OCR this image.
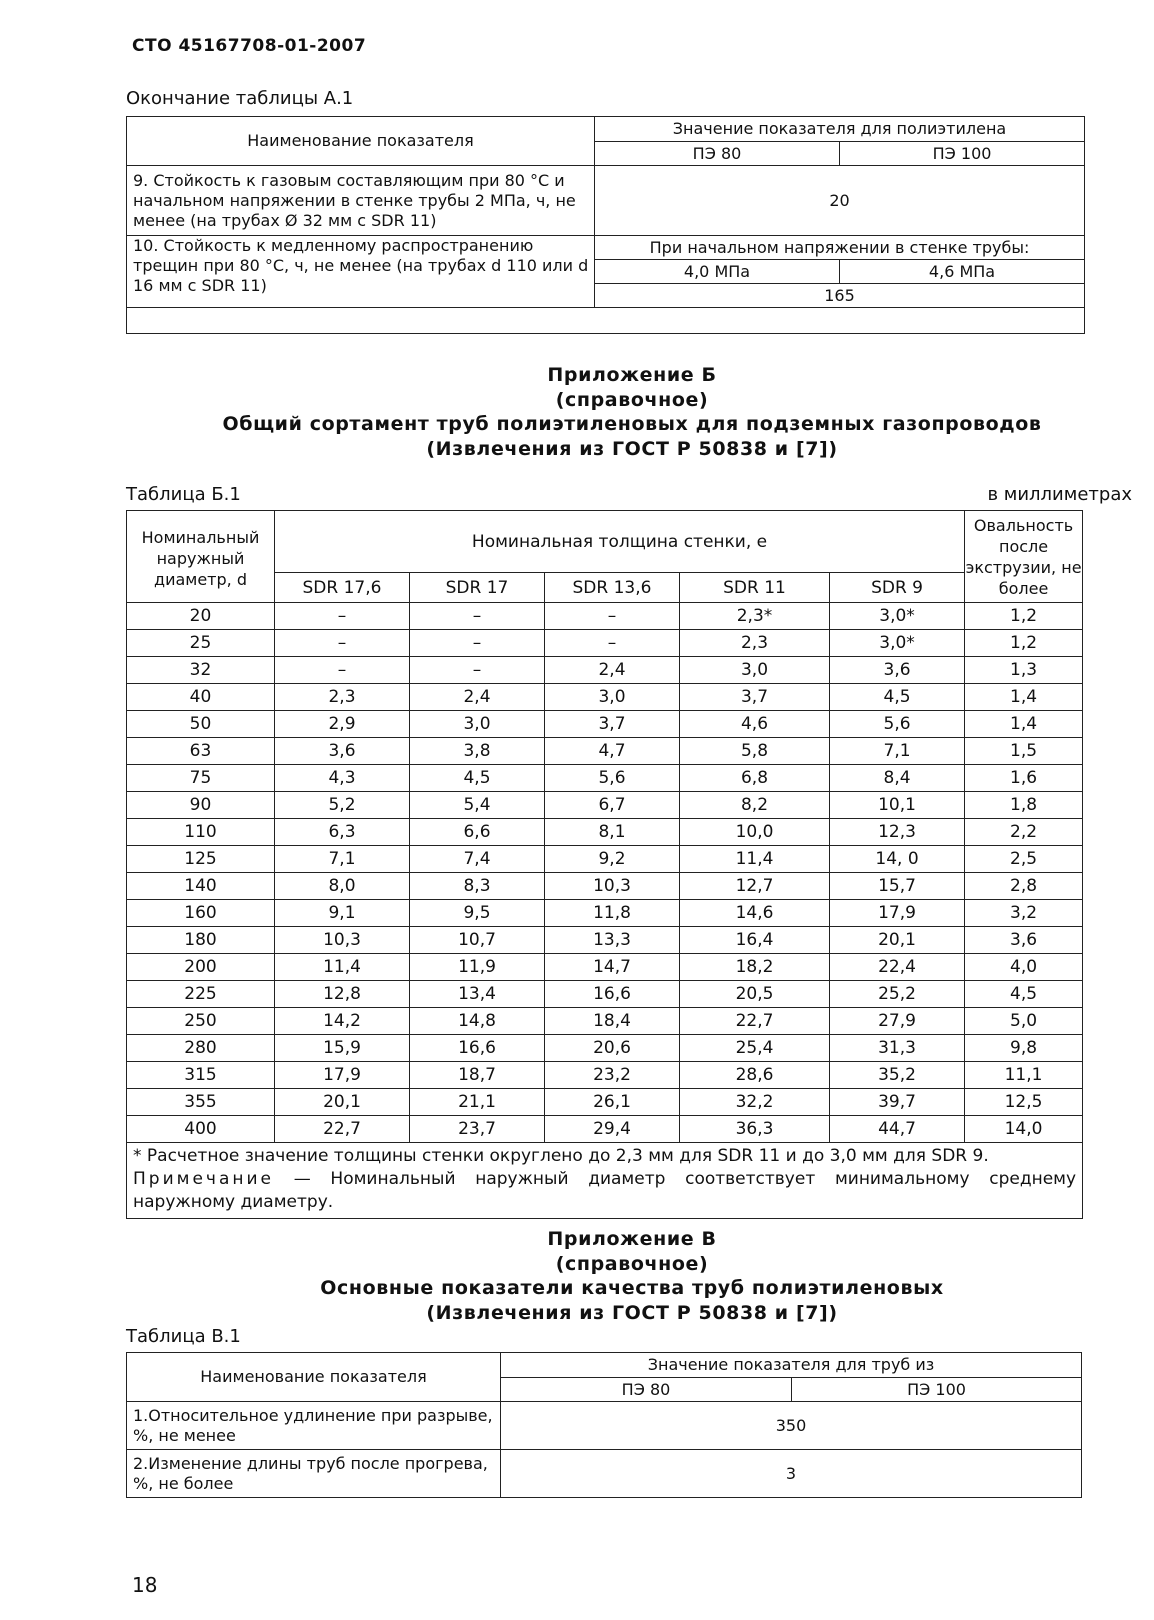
СТО 45167708-01-2007
Окончание таблицы А.1
Наименование показателя	Значение показателя для полиэтилена	
	ПЭ 80	ПЭ 100
9. Стойкость к газовым составляющим при 80 °С и начальном напряжении в стенке трубы 2 МПа, ч, не менее (на трубах Ø 32 мм с SDR 11)	20	
10. Стойкость к медленному распространению трещин при 80 °С, ч, не менее (на трубах d 110 или d 16 мм с SDR 11)	При начальном напряжении в стенке трубы:	
	4,0 МПа	4,6 МПа
	165	

Приложение Б
(справочное)
Общий сортамент труб полиэтиленовых для подземных газопроводов
(Извлечения из ГОСТ Р 50838 и [7])
Таблица Б.1	в миллиметрах
Номинальный наружный диаметр, d	Номинальная толщина стенки, е					Овальность после экструзии, не более
	SDR 17,6	SDR 17	SDR 13,6	SDR 11	SDR 9	
20	–	–	–	2,3*	3,0*	1,2
25	–	–	–	2,3	3,0*	1,2
32	–	–	2,4	3,0	3,6	1,3
40	2,3	2,4	3,0	3,7	4,5	1,4
50	2,9	3,0	3,7	4,6	5,6	1,4
63	3,6	3,8	4,7	5,8	7,1	1,5
75	4,3	4,5	5,6	6,8	8,4	1,6
90	5,2	5,4	6,7	8,2	10,1	1,8
110	6,3	6,6	8,1	10,0	12,3	2,2
125	7,1	7,4	9,2	11,4	14, 0	2,5
140	8,0	8,3	10,3	12,7	15,7	2,8
160	9,1	9,5	11,8	14,6	17,9	3,2
180	10,3	10,7	13,3	16,4	20,1	3,6
200	11,4	11,9	14,7	18,2	22,4	4,0
225	12,8	13,4	16,6	20,5	25,2	4,5
250	14,2	14,8	18,4	22,7	27,9	5,0
280	15,9	16,6	20,6	25,4	31,3	9,8
315	17,9	18,7	23,2	28,6	35,2	11,1
355	20,1	21,1	26,1	32,2	39,7	12,5
400	22,7	23,7	29,4	36,3	44,7	14,0

* Расчетное значение толщины стенки округлено до 2,3 мм для SDR 11 и до 3,0 мм для SDR 9.
Примечание — Номинальный наружный диаметр соответствует минимальному среднему наружному диаметру.						
Приложение В
(справочное)
Основные показатели качества труб полиэтиленовых
(Извлечения из ГОСТ Р 50838 и [7])
Таблица В.1
Наименование показателя	Значение показателя для труб из	
	ПЭ 80	ПЭ 100
1.Относительное удлинение при разрыве, %, не менее	350	
2.Изменение длины труб после прогрева, %, не более	3	
18
